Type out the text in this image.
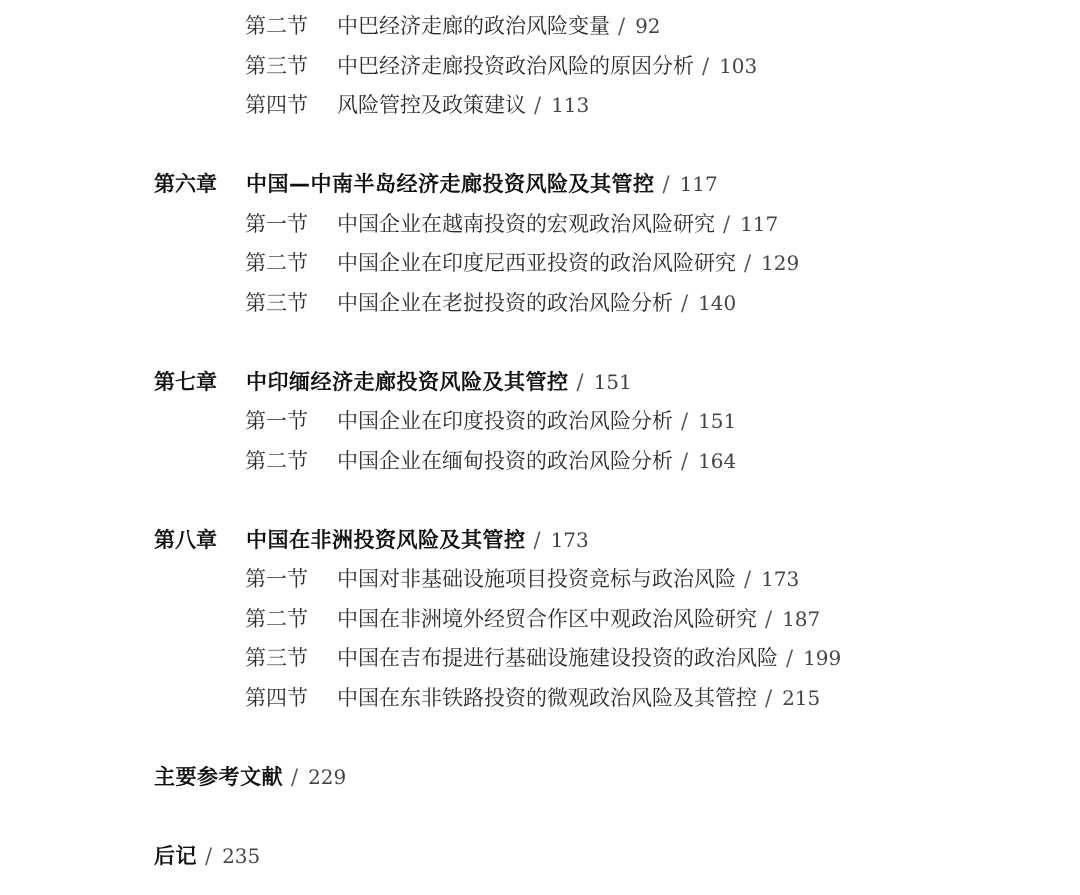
第二节 中巴经济走廊的政治风险变量 / 92
第三节 中巴经济走廊投资政治风险的原因分析 / 103
第四节 风险管控及政策建议 / 113
第六章 中国—中南半岛经济走廊投资风险及其管控 / 117
第一节 中国企业在越南投资的宏观政治风险研究 / 117
第二节 中国企业在印度尼西亚投资的政治风险研究 / 129
第三节 中国企业在老挝投资的政治风险分析 / 140
第七章 中印缅经济走廊投资风险及其管控 / 151
第一节 中国企业在印度投资的政治风险分析 / 151
第二节 中国企业在缅甸投资的政治风险分析 / 164
第八章 中国在非洲投资风险及其管控 / 173
第一节 中国对非基础设施项目投资竞标与政治风险 / 173
第二节 中国在非洲境外经贸合作区中观政治风险研究 / 187
第三节 中国在吉布提进行基础设施建设投资的政治风险 / 199
第四节 中国在东非铁路投资的微观政治风险及其管控 / 215
主要参考文献 / 229
后记 / 235
